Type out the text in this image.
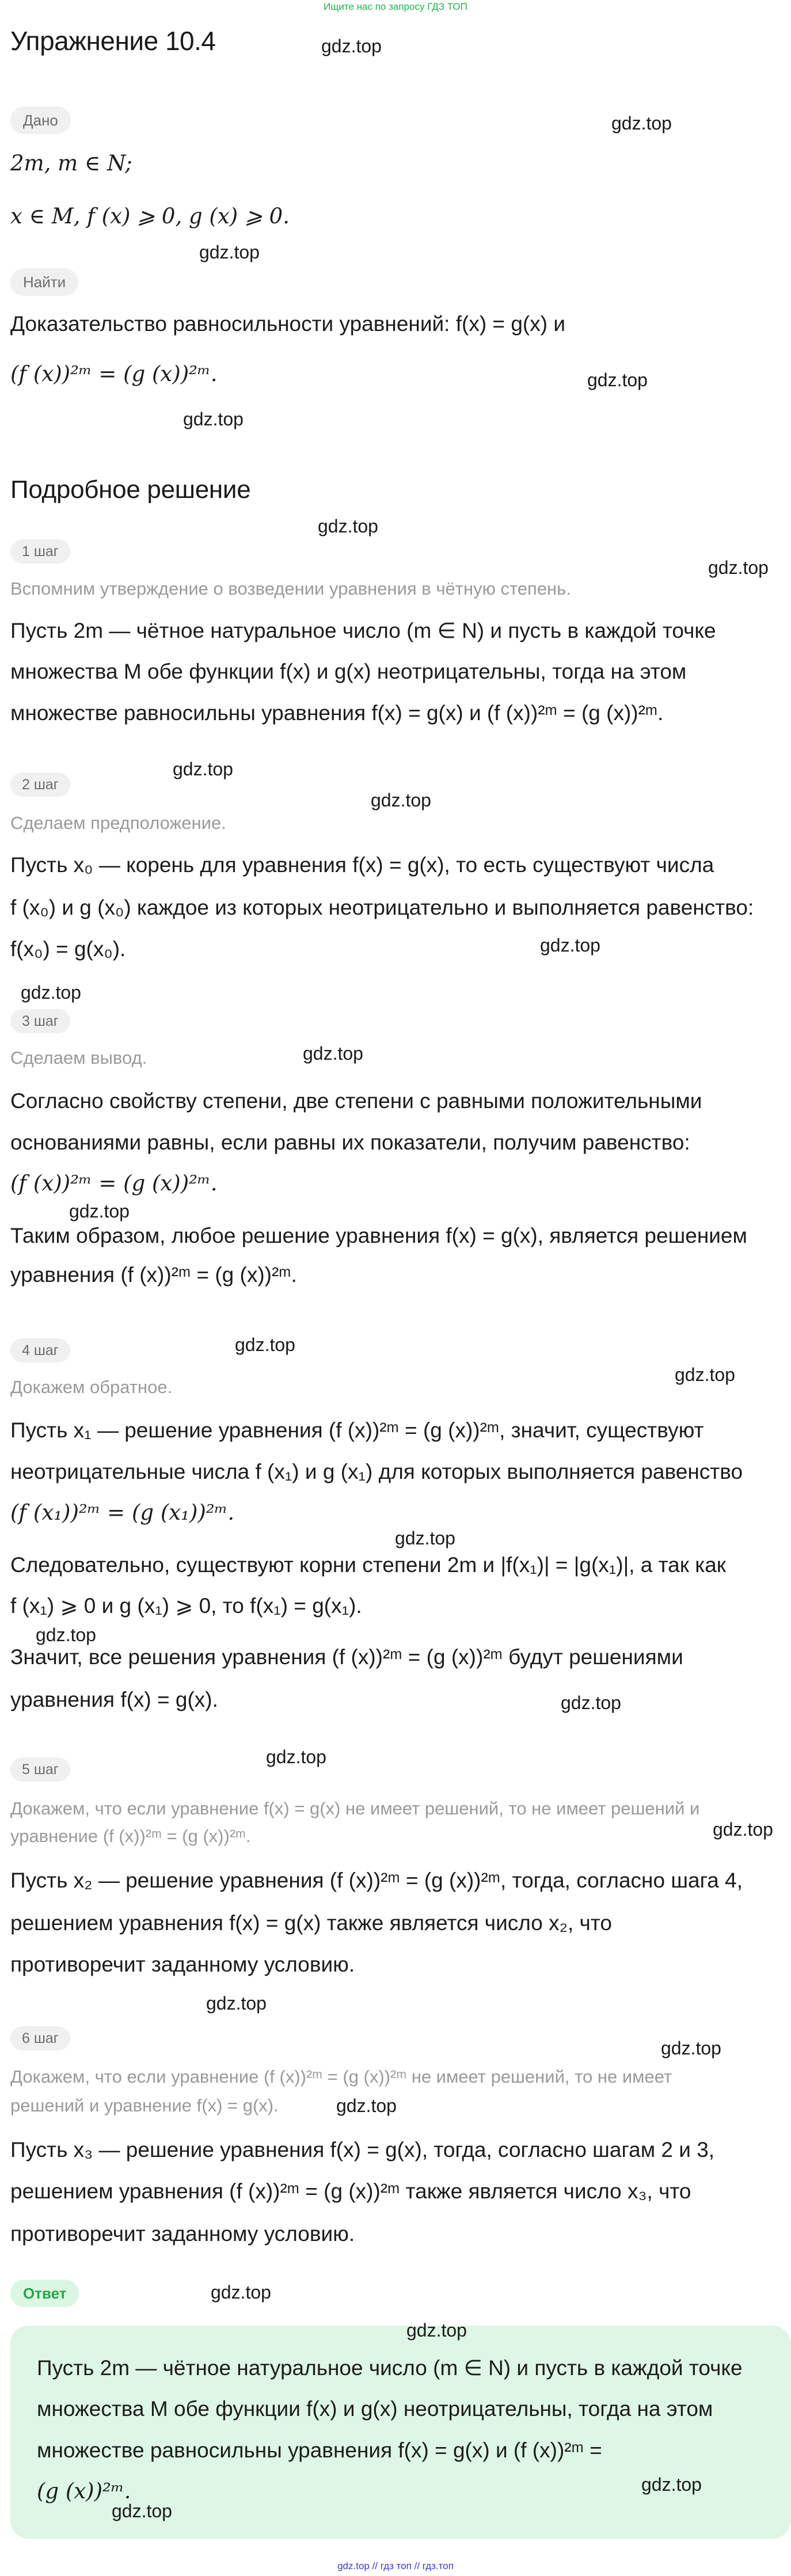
Ищите нас по запросу ГДЗ ТОП
Упражнение 10.4
Дано
2m, m ∈ N;
x ∈ M, f (x) ⩾ 0, g (x) ⩾ 0.
Найти
Доказательство равносильности уравнений: f(x) = g(x) и
(f (x))²ᵐ = (g (x))²ᵐ.
Подробное решение
1 шаг
Вспомним утверждение о возведении уравнения в чётную степень.
Пусть 2m — чётное натуральное число (m ∈ N) и пусть в каждой точке
множества M обе функции f(x) и g(x) неотрицательны, тогда на этом
множестве равносильны уравнения f(x) = g(x) и (f (x))²ᵐ = (g (x))²ᵐ.
2 шаг
Сделаем предположение.
Пусть x₀ — корень для уравнения f(x) = g(x), то есть существуют числа
f (x₀) и g (x₀) каждое из которых неотрицательно и выполняется равенство:
f(x₀) = g(x₀).
3 шаг
Сделаем вывод.
Согласно свойству степени, две степени с равными положительными
основаниями равны, если равны их показатели, получим равенство:
(f (x))²ᵐ = (g (x))²ᵐ.
Таким образом, любое решение уравнения f(x) = g(x), является решением
уравнения (f (x))²ᵐ = (g (x))²ᵐ.
4 шаг
Докажем обратное.
Пусть x₁ — решение уравнения (f (x))²ᵐ = (g (x))²ᵐ, значит, существуют
неотрицательные числа f (x₁) и g (x₁) для которых выполняется равенство
(f (x₁))²ᵐ = (g (x₁))²ᵐ.
Следовательно, существуют корни степени 2m и |f(x₁)| = |g(x₁)|, а так как
f (x₁) ⩾ 0 и g (x₁) ⩾ 0, то f(x₁) = g(x₁).
Значит, все решения уравнения (f (x))²ᵐ = (g (x))²ᵐ будут решениями
уравнения f(x) = g(x).
5 шаг
Докажем, что если уравнение f(x) = g(x) не имеет решений, то не имеет решений и
уравнение (f (x))²ᵐ = (g (x))²ᵐ.
Пусть x₂ — решение уравнения (f (x))²ᵐ = (g (x))²ᵐ, тогда, согласно шага 4,
решением уравнения f(x) = g(x) также является число x₂, что
противоречит заданному условию.
6 шаг
Докажем, что если уравнение (f (x))²ᵐ = (g (x))²ᵐ не имеет решений, то не имеет
решений и уравнение f(x) = g(x).
Пусть x₃ — решение уравнения f(x) = g(x), тогда, согласно шагам 2 и 3,
решением уравнения (f (x))²ᵐ = (g (x))²ᵐ также является число x₃, что
противоречит заданному условию.
Ответ
Пусть 2m — чётное натуральное число (m ∈ N) и пусть в каждой точке
множества M обе функции f(x) и g(x) неотрицательны, тогда на этом
множестве равносильны уравнения f(x) = g(x) и (f (x))²ᵐ =
(g (x))²ᵐ.
gdz.top
gdz.top
gdz.top
gdz.top
gdz.top
gdz.top
gdz.top
gdz.top
gdz.top
gdz.top
gdz.top
gdz.top
gdz.top
gdz.top
gdz.top
gdz.top
gdz.top
gdz.top
gdz.top
gdz.top
gdz.top
gdz.top
gdz.top
gdz.top
gdz.top
gdz.top
gdz.top
gdz.top // гдз топ // гдз.топ
